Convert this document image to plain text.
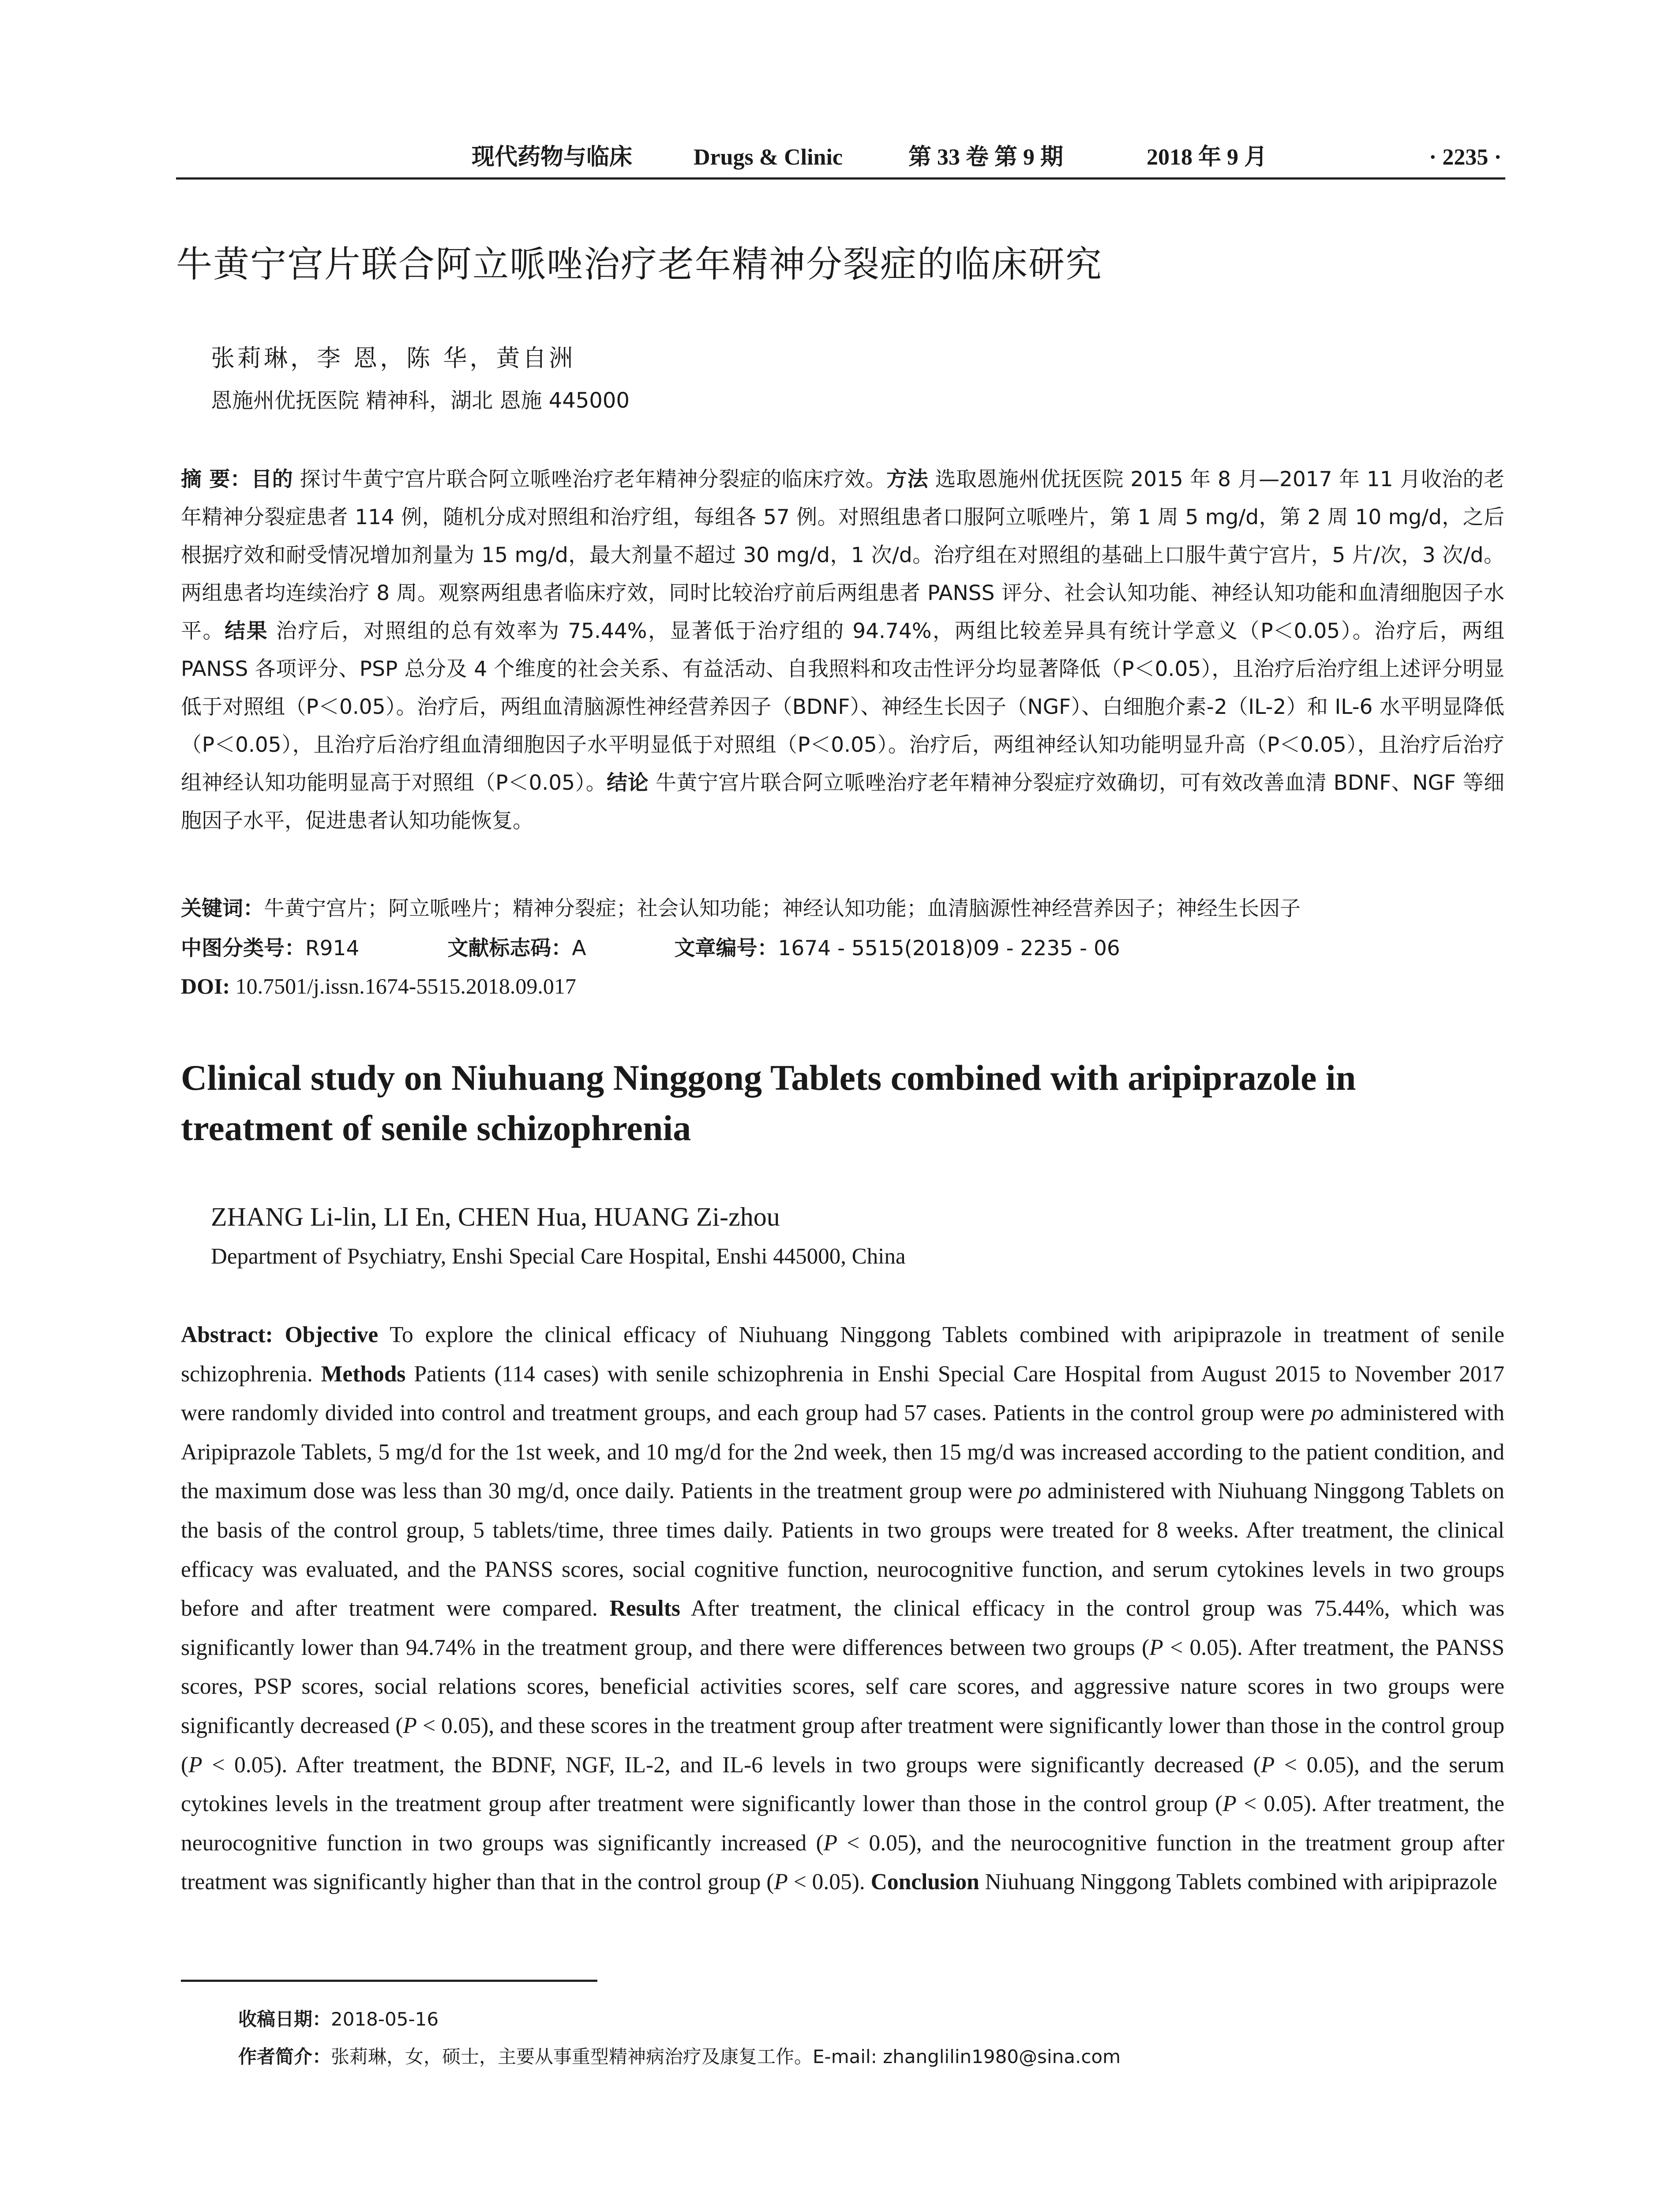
现代药物与临床	Drugs & Clinic	第 33 卷 第 9 期	2018 年 9 月	· 2235 ·
牛黄宁宫片联合阿立哌唑治疗老年精神分裂症的临床研究
张莉琳，李 恩，陈 华，黄自洲
恩施州优抚医院 精神科，湖北 恩施 445000

摘 要：目的 探讨牛黄宁宫片联合阿立哌唑治疗老年精神分裂症的临床疗效。方法 选取恩施州优抚医院 2015 年 8 月—2017 年 11 月收治的老年精神分裂症患者 114 例，随机分成对照组和治疗组，每组各 57 例。对照组患者口服阿立哌唑片，第 1 周 5 mg/d，第 2 周 10 mg/d，之后根据疗效和耐受情况增加剂量为 15 mg/d，最大剂量不超过 30 mg/d，1 次/d。治疗组在对照组的基础上口服牛黄宁宫片，5 片/次，3 次/d。两组患者均连续治疗 8 周。观察两组患者临床疗效，同时比较治疗前后两组患者 PANSS 评分、社会认知功能、神经认知功能和血清细胞因子水平。结果 治疗后，对照组的总有效率为 75.44%，显著低于治疗组的 94.74%，两组比较差异具有统计学意义（P＜0.05）。治疗后，两组 PANSS 各项评分、PSP 总分及 4 个维度的社会关系、有益活动、自我照料和攻击性评分均显著降低（P＜0.05），且治疗后治疗组上述评分明显低于对照组（P＜0.05）。治疗后，两组血清脑源性神经营养因子（BDNF）、神经生长因子（NGF）、白细胞介素-2（IL-2）和 IL-6 水平明显降低（P＜0.05），且治疗后治疗组血清细胞因子水平明显低于对照组（P＜0.05）。治疗后，两组神经认知功能明显升高（P＜0.05），且治疗后治疗组神经认知功能明显高于对照组（P＜0.05）。结论 牛黄宁宫片联合阿立哌唑治疗老年精神分裂症疗效确切，可有效改善血清 BDNF、NGF 等细胞因子水平，促进患者认知功能恢复。

关键词：牛黄宁宫片；阿立哌唑片；精神分裂症；社会认知功能；神经认知功能；血清脑源性神经营养因子；神经生长因子
中图分类号：R914	文献标志码：A	文章编号：1674 - 5515(2018)09 - 2235 - 06
DOI: 10.7501/j.issn.1674-5515.2018.09.017
Clinical study on Niuhuang Ninggong Tablets combined with aripiprazole in treatment of senile schizophrenia
ZHANG Li-lin, LI En, CHEN Hua, HUANG Zi-zhou
Department of Psychiatry, Enshi Special Care Hospital, Enshi 445000, China

Abstract: Objective To explore the clinical efficacy of Niuhuang Ninggong Tablets combined with aripiprazole in treatment of senile schizophrenia. Methods Patients (114 cases) with senile schizophrenia in Enshi Special Care Hospital from August 2015 to November 2017 were randomly divided into control and treatment groups, and each group had 57 cases. Patients in the control group were po administered with Aripiprazole Tablets, 5 mg/d for the 1st week, and 10 mg/d for the 2nd week, then 15 mg/d was increased according to the patient condition, and the maximum dose was less than 30 mg/d, once daily. Patients in the treatment group were po administered with Niuhuang Ninggong Tablets on the basis of the control group, 5 tablets/time, three times daily. Patients in two groups were treated for 8 weeks. After treatment, the clinical efficacy was evaluated, and the PANSS scores, social cognitive function, neurocognitive function, and serum cytokines levels in two groups before and after treatment were compared. Results After treatment, the clinical efficacy in the control group was 75.44%, which was significantly lower than 94.74% in the treatment group, and there were differences between two groups (P < 0.05). After treatment, the PANSS scores, PSP scores, social relations scores, beneficial activities scores, self care scores, and aggressive nature scores in two groups were significantly decreased (P < 0.05), and these scores in the treatment group after treatment were significantly lower than those in the control group (P < 0.05). After treatment, the BDNF, NGF, IL-2, and IL-6 levels in two groups were significantly decreased (P < 0.05), and the serum cytokines levels in the treatment group after treatment were significantly lower than those in the control group (P < 0.05). After treatment, the neurocognitive function in two groups was significantly increased (P < 0.05), and the neurocognitive function in the treatment group after treatment was significantly higher than that in the control group (P < 0.05). Conclusion Niuhuang Ninggong Tablets combined with aripiprazole

收稿日期：2018-05-16
作者简介：张莉琳，女，硕士，主要从事重型精神病治疗及康复工作。E-mail: zhanglilin1980@sina.com
